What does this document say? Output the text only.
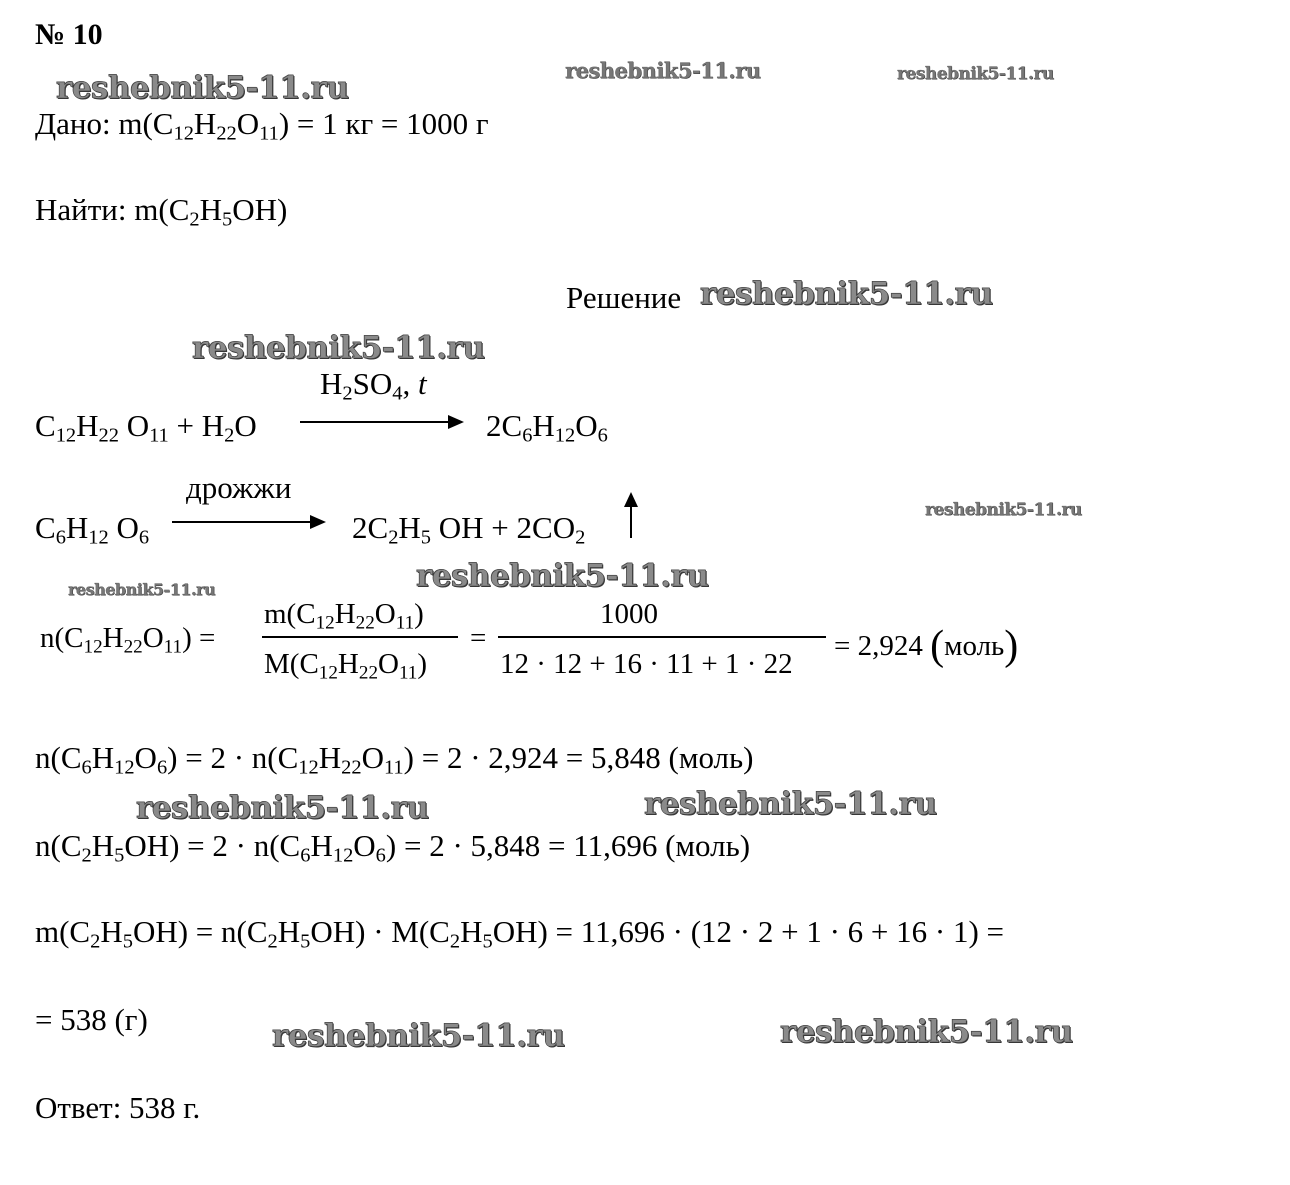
№ 10
reshebnik5-11.ru	reshebnik5-11.ru	reshebnik5-11.ru
reshebnik5-11.ru
reshebnik5-11.ru
reshebnik5-11.ru
reshebnik5-11.ru	reshebnik5-11.ru
reshebnik5-11.ru	reshebnik5-11.ru
reshebnik5-11.ru	reshebnik5-11.ru
Дано: $m(C_{12}H_{22}O_{11}) = 1$ кг = 1000 г
Найти: $m(C_2H_5OH)$
Решение
$H_2SO_4$, t
$C_{12}H_{22}$ $O_{11} + H_2O$	$2C_6H_{12}O_6$
дрожжи
$C_6H_{12}$ $O_6$	$2C_2H_5$ OH + $2CO_2$
$n(C_{12}H_{22}O_{11})$ =
$m(C_{12}H_{22}O_{11})$
$M(C_{12}H_{22}O_{11})$
=
1000
12 · 12 + 16 · 11 + 1 · 22
= 2,924 (моль)
$n(C_6H_{12}O_6) = 2 \cdot n(C_{12}H_{22}O_{11}) = 2 \cdot 2,924 = 5,848$ (моль)
$n(C_2H_5OH) = 2 \cdot n(C_6H_{12}O_6) = 2 \cdot 5,848 = 11,696$ (моль)
$m(C_2H_5OH) = n(C_2H_5OH) \cdot M(C_2H_5OH) = 11,696 \cdot (12 \cdot 2 + 1 \cdot 6 + 16 \cdot 1)$ =
= 538 (г)
Ответ: 538 г.
